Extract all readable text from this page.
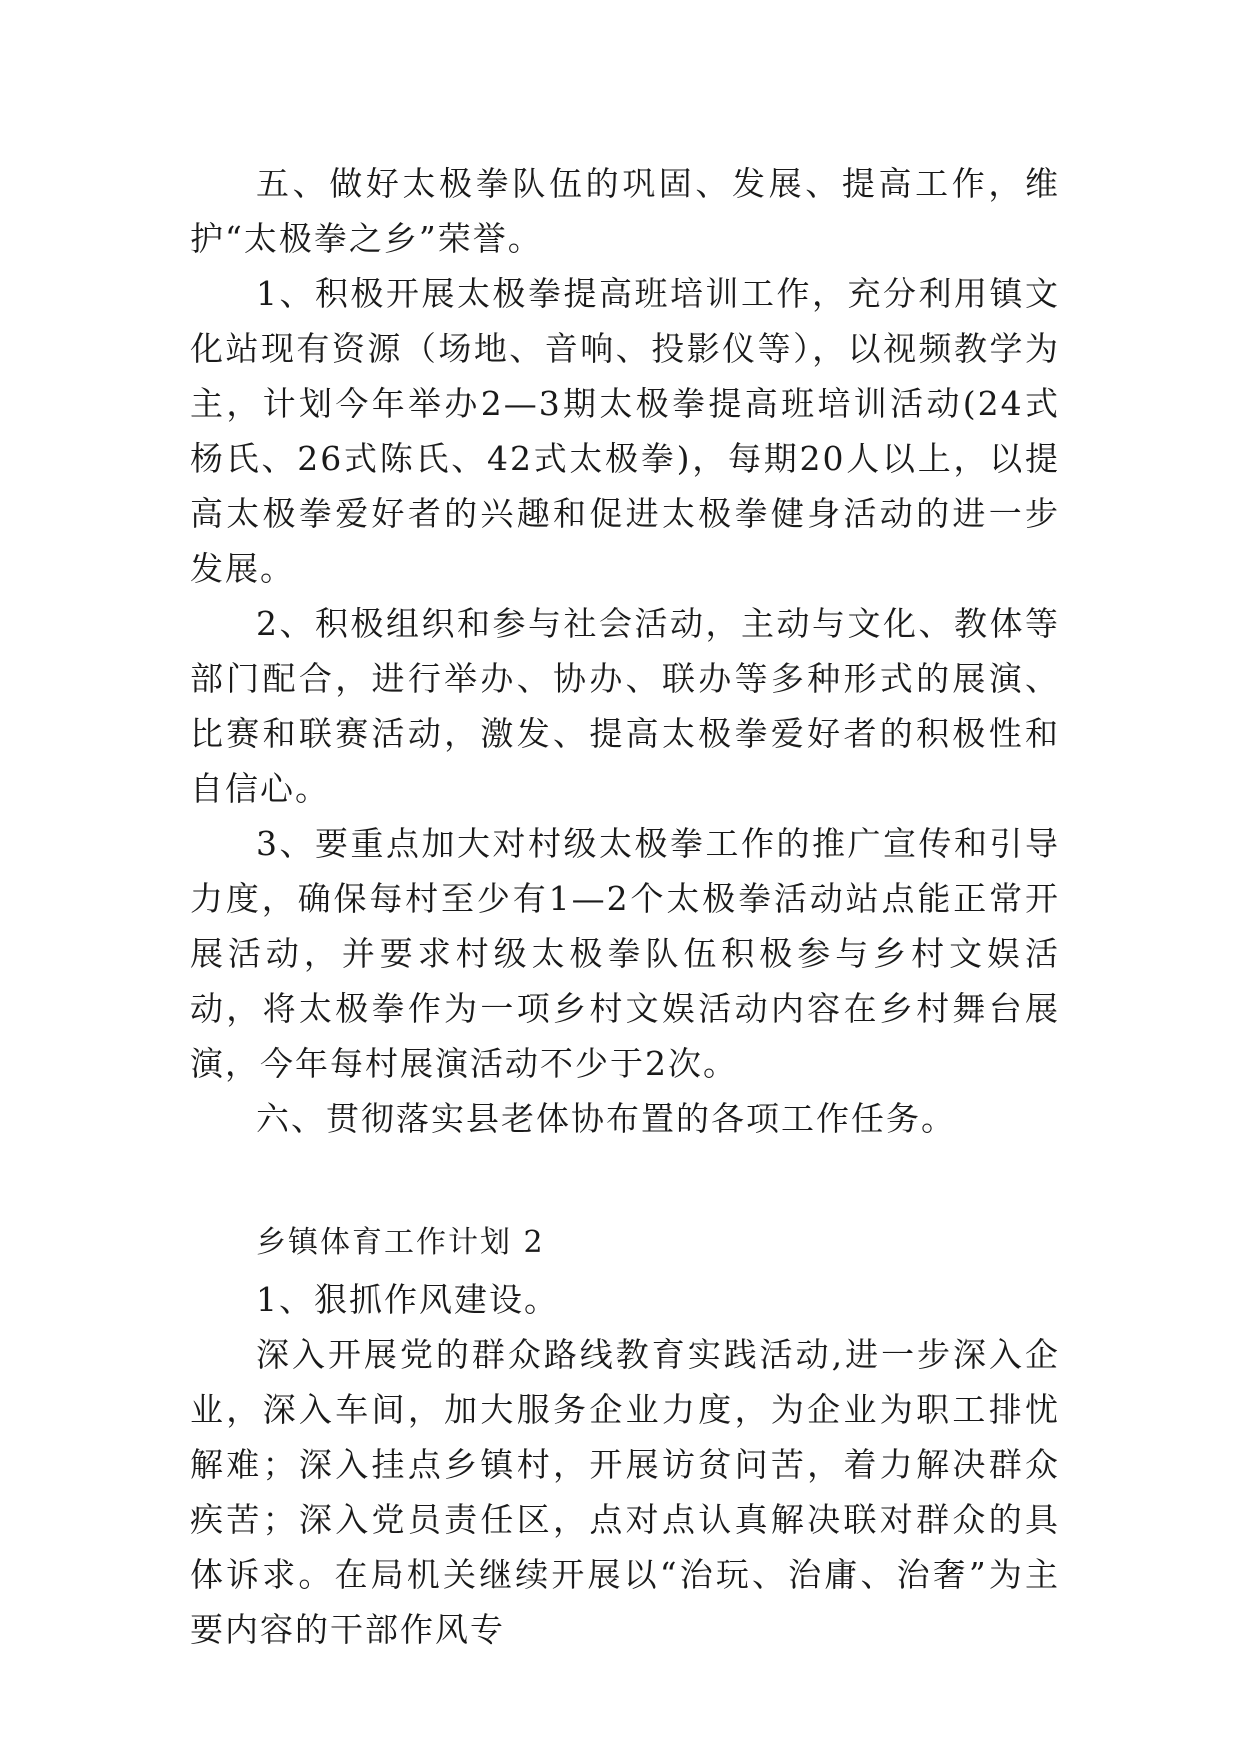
五、做好太极拳队伍的巩固、发展、提高工作，维护“太极拳之乡”荣誉。

1、积极开展太极拳提高班培训工作，充分利用镇文化站现有资源（场地、音响、投影仪等），以视频教学为主，计划今年举办2—3期太极拳提高班培训活动(24式杨氏、26式陈氏、42式太极拳)，每期20人以上，以提高太极拳爱好者的兴趣和促进太极拳健身活动的进一步发展。

2、积极组织和参与社会活动，主动与文化、教体等部门配合，进行举办、协办、联办等多种形式的展演、比赛和联赛活动，激发、提高太极拳爱好者的积极性和自信心。

3、要重点加大对村级太极拳工作的推广宣传和引导力度，确保每村至少有1—2个太极拳活动站点能正常开展活动，并要求村级太极拳队伍积极参与乡村文娱活动，将太极拳作为一项乡村文娱活动内容在乡村舞台展演，今年每村展演活动不少于2次。

六、贯彻落实县老体协布置的各项工作任务。

乡镇体育工作计划 2

1、狠抓作风建设。

深入开展党的群众路线教育实践活动,进一步深入企业，深入车间，加大服务企业力度，为企业为职工排忧解难；深入挂点乡镇村，开展访贫问苦，着力解决群众疾苦；深入党员责任区，点对点认真解决联对群众的具体诉求。在局机关继续开展以“治玩、治庸、治奢”为主要内容的干部作风专
